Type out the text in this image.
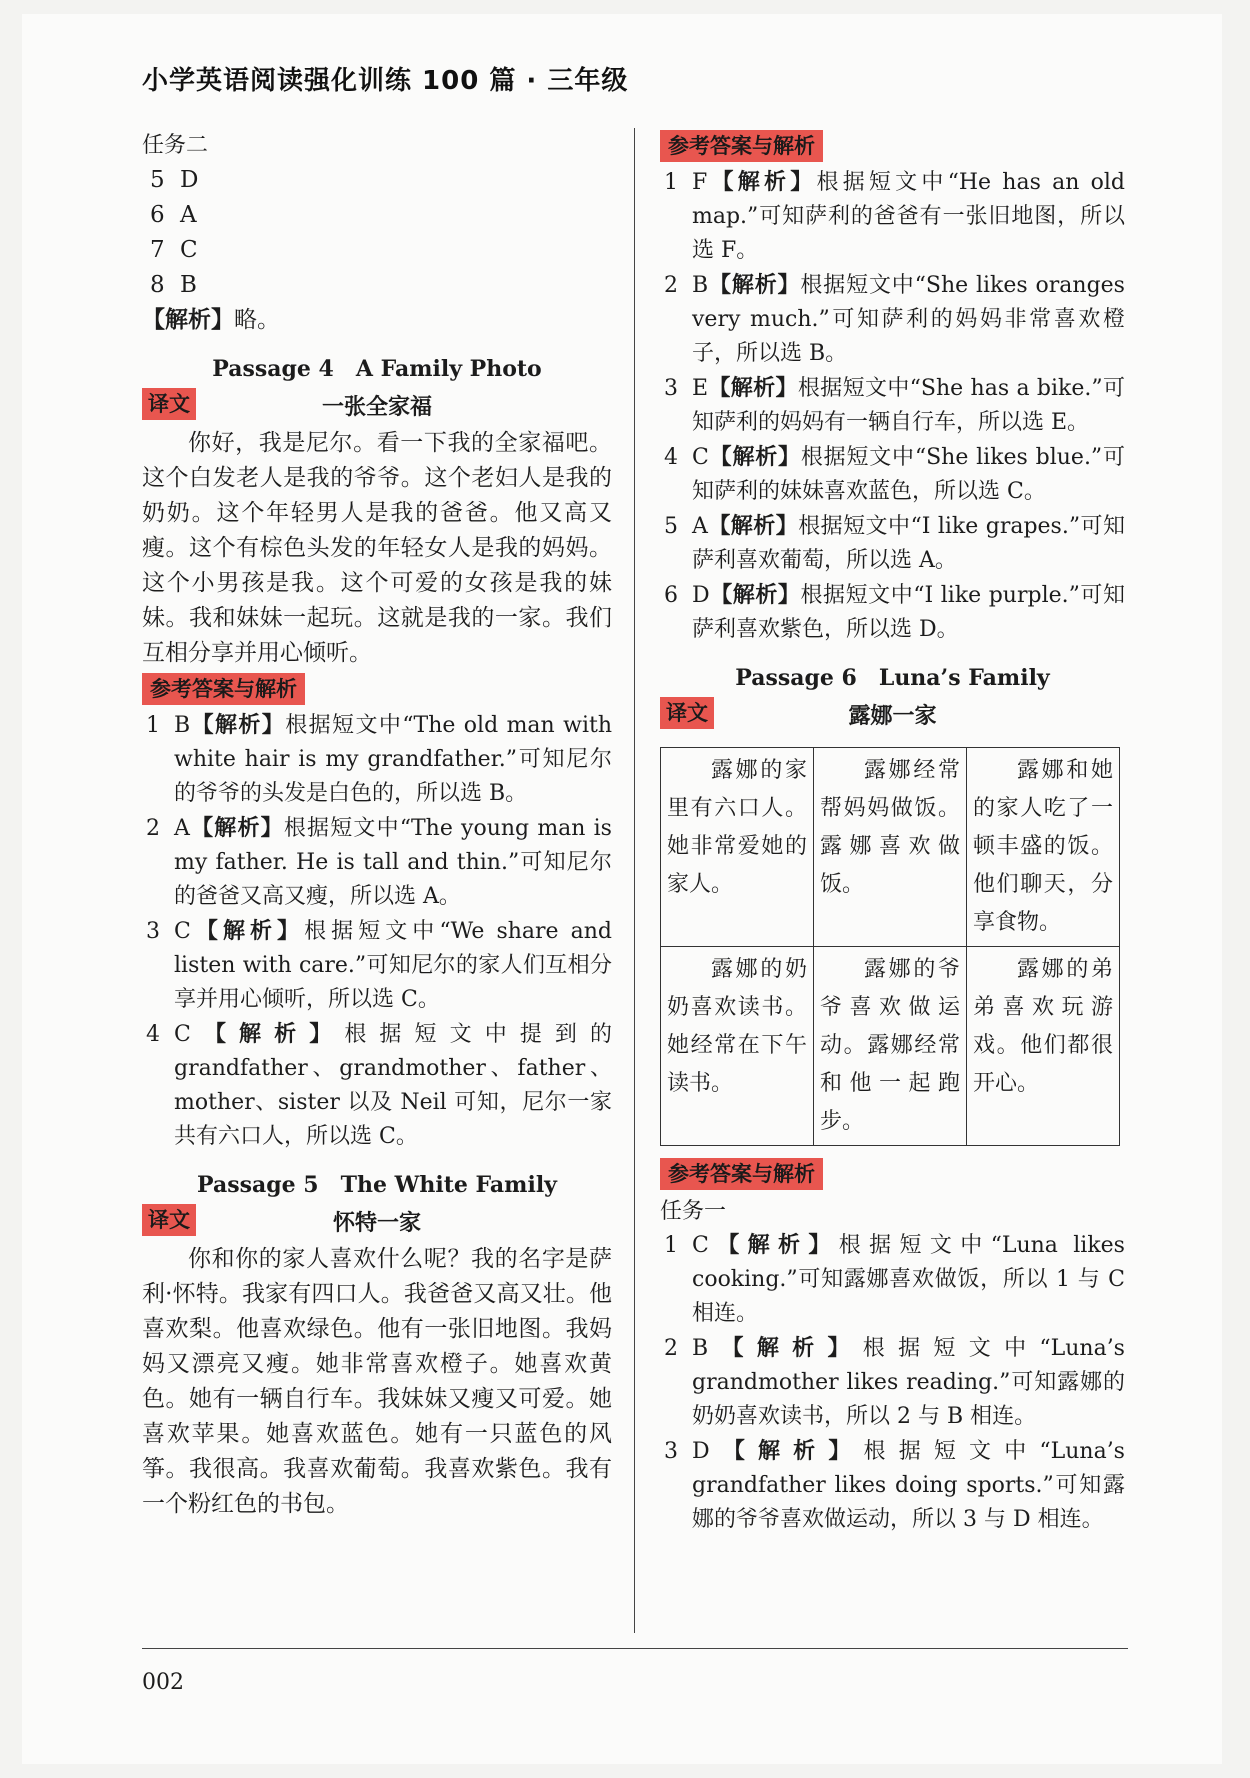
小学英语阅读强化训练 100 篇 · 三年级
任务二
5 D
6 A
7 C
8 B
【解析】略。
Passage 4　A Family Photo
译文	一张全家福
你好，我是尼尔。看一下我的全家福吧。这个白发老人是我的爷爷。这个老妇人是我的奶奶。这个年轻男人是我的爸爸。他又高又瘦。这个有棕色头发的年轻女人是我的妈妈。这个小男孩是我。这个可爱的女孩是我的妹妹。我和妹妹一起玩。这就是我的一家。我们互相分享并用心倾听。
参考答案与解析
1 B【解析】根据短文中“The old man with white hair is my grandfather.”可知尼尔的爷爷的头发是白色的，所以选 B。
2 A【解析】根据短文中“The young man is my father. He is tall and thin.”可知尼尔的爸爸又高又瘦，所以选 A。
3 C【解析】根据短文中“We share and listen with care.”可知尼尔的家人们互相分享并用心倾听，所以选 C。
4 C【解析】根据短文中提到的 grandfather、grandmother、father、mother、sister 以及 Neil 可知，尼尔一家共有六口人，所以选 C。
Passage 5　The White Family
译文	怀特一家
你和你的家人喜欢什么呢？我的名字是萨利·怀特。我家有四口人。我爸爸又高又壮。他喜欢梨。他喜欢绿色。他有一张旧地图。我妈妈又漂亮又瘦。她非常喜欢橙子。她喜欢黄色。她有一辆自行车。我妹妹又瘦又可爱。她喜欢苹果。她喜欢蓝色。她有一只蓝色的风筝。我很高。我喜欢葡萄。我喜欢紫色。我有一个粉红色的书包。
参考答案与解析
1 F【解析】根据短文中“He has an old map.”可知萨利的爸爸有一张旧地图，所以选 F。
2 B【解析】根据短文中“She likes oranges very much.”可知萨利的妈妈非常喜欢橙子，所以选 B。
3 E【解析】根据短文中“She has a bike.”可知萨利的妈妈有一辆自行车，所以选 E。
4 C【解析】根据短文中“She likes blue.”可知萨利的妹妹喜欢蓝色，所以选 C。
5 A【解析】根据短文中“I like grapes.”可知萨利喜欢葡萄，所以选 A。
6 D【解析】根据短文中“I like purple.”可知萨利喜欢紫色，所以选 D。
Passage 6　Luna’s Family
译文	露娜一家
露娜的家里有六口人。她非常爱她的家人。	露娜经常帮妈妈做饭。露娜喜欢做饭。	露娜和她的家人吃了一顿丰盛的饭。他们聊天，分享食物。
露娜的奶奶喜欢读书。她经常在下午读书。	露娜的爷爷喜欢做运动。露娜经常和他一起跑步。	露娜的弟弟喜欢玩游戏。他们都很开心。
参考答案与解析
任务一
1 C【解析】根据短文中“Luna likes cooking.”可知露娜喜欢做饭，所以 1 与 C 相连。
2 B【解析】根据短文中“Luna’s grandmother likes reading.”可知露娜的奶奶喜欢读书，所以 2 与 B 相连。
3 D【解析】根据短文中“Luna’s grandfather likes doing sports.”可知露娜的爷爷喜欢做运动，所以 3 与 D 相连。
002
